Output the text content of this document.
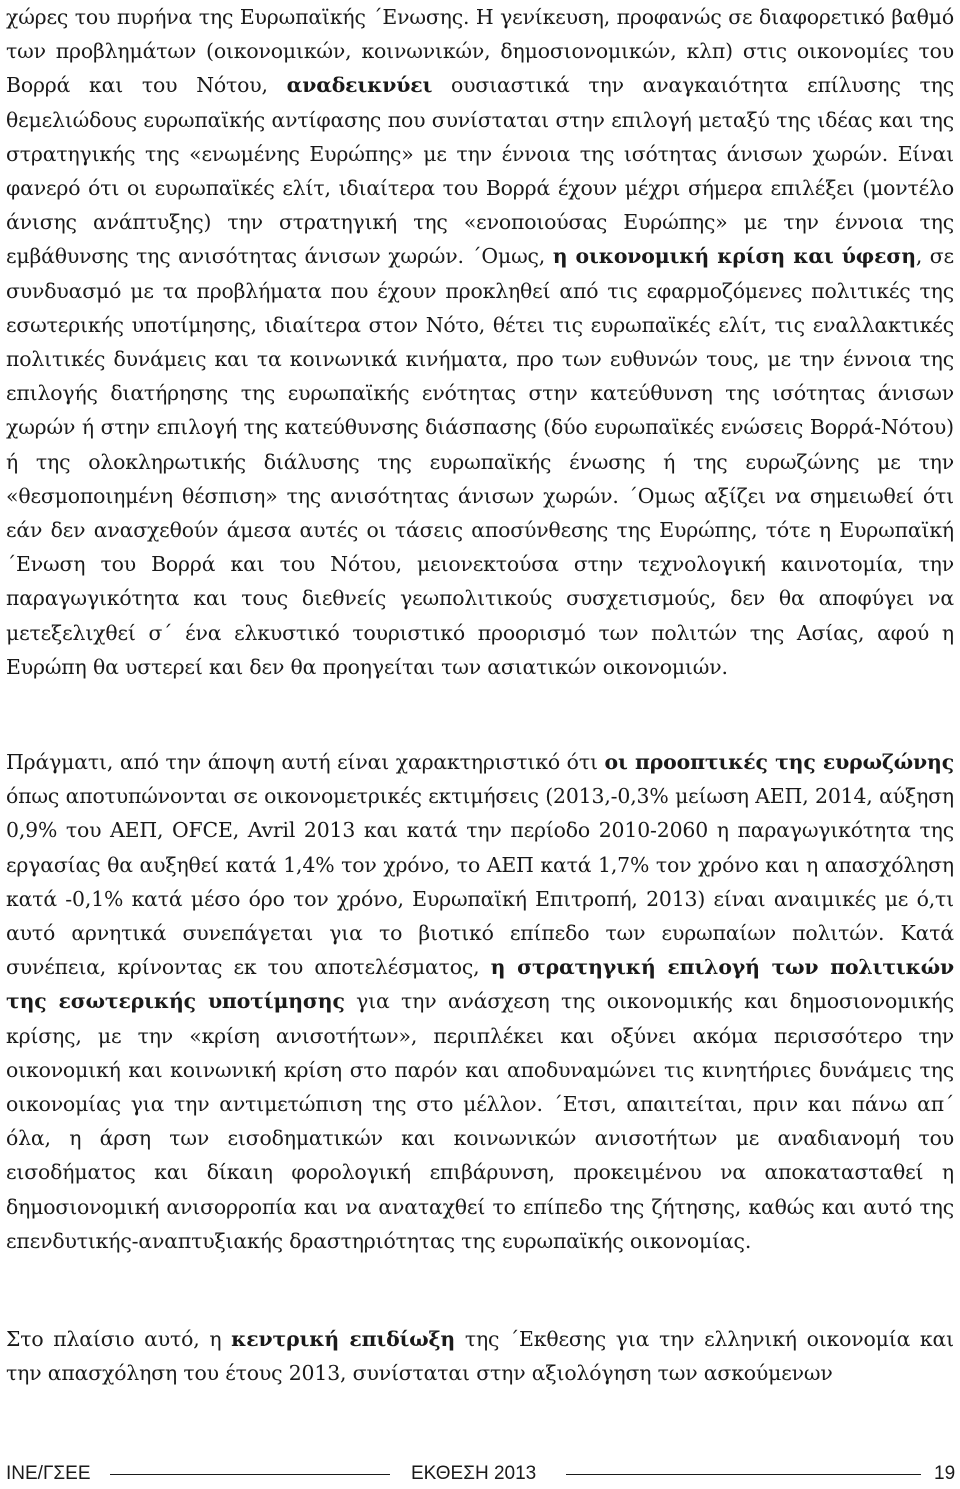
χώρες του πυρήνα της Ευρωπαϊκής ΄Ενωσης. Η γενίκευση, προφανώς σε διαφορετικό βαθμό των προβλημάτων (οικονομικών, κοινωνικών, δημοσιονομικών, κλπ) στις οικονομίες του Βορρά και του Νότου, αναδεικνύει ουσιαστικά την αναγκαιότητα επίλυσης της θεμελιώδους ευρωπαϊκής αντίφασης που συνίσταται στην επιλογή μεταξύ της ιδέας και της στρατηγικής της «ενωμένης Ευρώπης» με την έννοια της ισότητας άνισων χωρών. Είναι φανερό ότι οι ευρωπαϊκές ελίτ, ιδιαίτερα του Βορρά έχουν μέχρι σήμερα επιλέξει (μοντέλο άνισης ανάπτυξης) την στρατηγική της «ενοποιούσας Ευρώπης» με την έννοια της εμβάθυνσης της ανισότητας άνισων χωρών. ΄Ομως, η οικονομική κρίση και ύφεση, σε συνδυασμό με τα προβλήματα που έχουν προκληθεί από τις εφαρμοζόμενες πολιτικές της εσωτερικής υποτίμησης, ιδιαίτερα στον Νότο, θέτει τις ευρωπαϊκές ελίτ, τις εναλλακτικές πολιτικές δυνάμεις και τα κοινωνικά κινήματα, προ των ευθυνών τους, με την έννοια της επιλογής διατήρησης της ευρωπαϊκής ενότητας στην κατεύθυνση της ισότητας άνισων χωρών ή στην επιλογή της κατεύθυνσης διάσπασης (δύο ευρωπαϊκές ενώσεις Βορρά-Νότου) ή της ολοκληρωτικής διάλυσης της ευρωπαϊκής ένωσης ή της ευρωζώνης με την «θεσμοποιημένη θέσπιση» της ανισότητας άνισων χωρών. ΄Ομως αξίζει να σημειωθεί ότι εάν δεν ανασχεθούν άμεσα αυτές οι τάσεις αποσύνθεσης της Ευρώπης, τότε η Ευρωπαϊκή ΄Ενωση του Βορρά και του Νότου, μειονεκτούσα στην τεχνολογική καινοτομία, την παραγωγικότητα και τους διεθνείς γεωπολιτικούς συσχετισμούς, δεν θα αποφύγει να μετεξελιχθεί σ΄ ένα ελκυστικό τουριστικό προορισμό των πολιτών της Ασίας, αφού η Ευρώπη θα υστερεί και δεν θα προηγείται των ασιατικών οικονομιών.

Πράγματι, από την άποψη αυτή είναι χαρακτηριστικό ότι οι προοπτικές της ευρωζώνης όπως αποτυπώνονται σε οικονομετρικές εκτιμήσεις (2013,-0,3% μείωση ΑΕΠ, 2014, αύξηση 0,9% του ΑΕΠ, OFCE, Avril 2013 και κατά την περίοδο 2010-2060 η παραγωγικότητα της εργασίας θα αυξηθεί κατά 1,4% τον χρόνο, το ΑΕΠ κατά 1,7% τον χρόνο και η απασχόληση κατά -0,1% κατά μέσο όρο τον χρόνο, Ευρωπαϊκή Επιτροπή, 2013) είναι αναιμικές με ό,τι αυτό αρνητικά συνεπάγεται για το βιοτικό επίπεδο των ευρωπαίων πολιτών. Κατά συνέπεια, κρίνοντας εκ του αποτελέσματος, η στρατηγική επιλογή των πολιτικών της εσωτερικής υποτίμησης για την ανάσχεση της οικονομικής και δημοσιονομικής κρίσης, με την «κρίση ανισοτήτων», περιπλέκει και οξύνει ακόμα περισσότερο την οικονομική και κοινωνική κρίση στο παρόν και αποδυναμώνει τις κινητήριες δυνάμεις της οικονομίας για την αντιμετώπιση της στο μέλλον. ΄Ετσι, απαιτείται, πριν και πάνω απ΄ όλα, η άρση των εισοδηματικών και κοινωνικών ανισοτήτων με αναδιανομή του εισοδήματος και δίκαιη φορολογική επιβάρυνση, προκειμένου να αποκατασταθεί η δημοσιονομική ανισορροπία και να αναταχθεί το επίπεδο της ζήτησης, καθώς και αυτό της επενδυτικής-αναπτυξιακής δραστηριότητας της ευρωπαϊκής οικονομίας.

Στο πλαίσιο αυτό, η κεντρική επιδίωξη της ΄Εκθεσης για την ελληνική οικονομία και την απασχόληση του έτους 2013, συνίσταται στην αξιολόγηση των ασκούμενων

ΙΝΕ/ΓΣΕΕ	ΕΚΘΕΣΗ 2013	19
